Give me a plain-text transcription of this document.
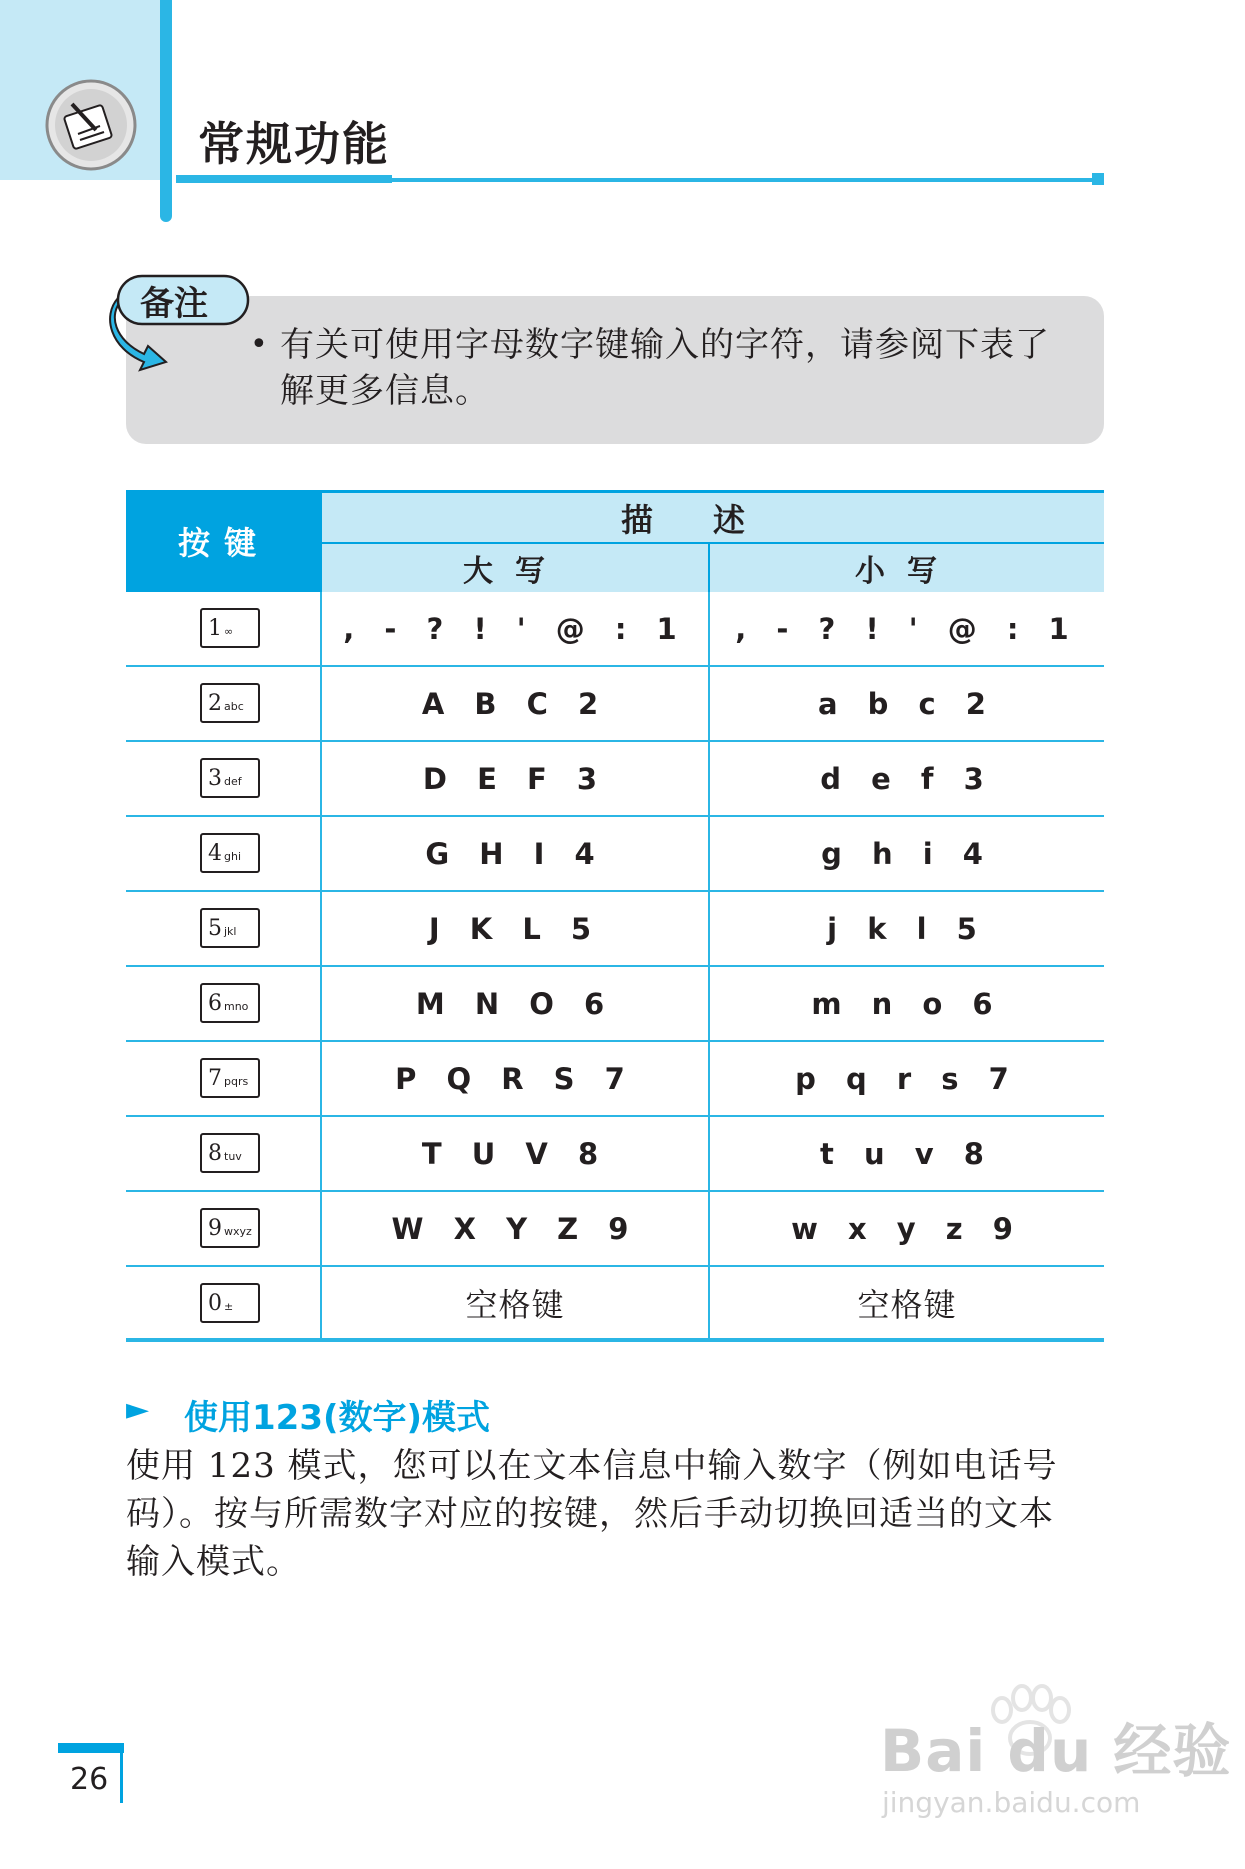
常规功能
备注
• 有关可使用字母数字键输入的字符，请参阅下表了解更多信息。
按键
描述
大写	小写
1 ∞	, - ? ! ' @ : 1	, - ? ! ' @ : 1
2 abc	A B C 2	a b c 2
3 def	D E F 3	d e f 3
4 ghi	G H I 4	g h i 4
5 jkl	J K L 5	j k l 5
6 mno	M N O 6	m n o 6
7 pqrs	P Q R S 7	p q r s 7
8 tuv	T U V 8	t u v 8
9 wxyz	W X Y Z 9	w x y z 9
0 ±	空格键	空格键
► 使用123(数字)模式
使用 123 模式，您可以在文本信息中输入数字（例如电话号码）。按与所需数字对应的按键，然后手动切换回适当的文本输入模式。
26	Bai du 经验
jingyan.baidu.com
